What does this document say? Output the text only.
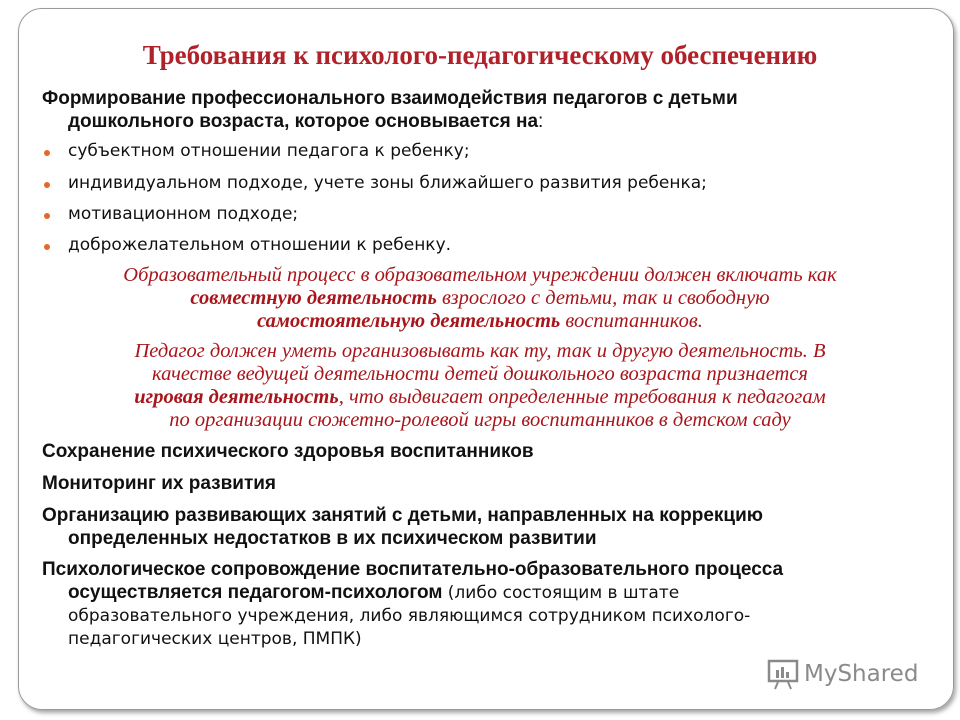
Требования к психолого-педагогическому обеспечению
Формирование профессионального взаимодействия педагогов с детьми
дошкольного возраста, которое основывается на:
субъектном отношении педагога к ребенку;
индивидуальном подходе, учете зоны ближайшего развития ребенка;
мотивационном подходе;
доброжелательном отношении к ребенку.
Образовательный процесс в образовательном учреждении должен включать как
совместную деятельность взрослого с детьми, так и свободную
самостоятельную деятельность воспитанников.
Педагог должен уметь организовывать как ту, так и другую деятельность. В
качестве ведущей деятельности детей дошкольного возраста признается
игровая деятельность, что выдвигает определенные требования к педагогам
по организации сюжетно-ролевой игры воспитанников в детском саду
Сохранение психического здоровья воспитанников
Мониторинг их развития
Организацию развивающих занятий с детьми, направленных на коррекцию
определенных недостатков в их психическом развитии
Психологическое сопровождение воспитательно-образовательного процесса
осуществляется педагогом-психологом (либо состоящим в штате
образовательного учреждения, либо являющимся сотрудником психолого-
педагогических центров, ПМПК)
MyShared
